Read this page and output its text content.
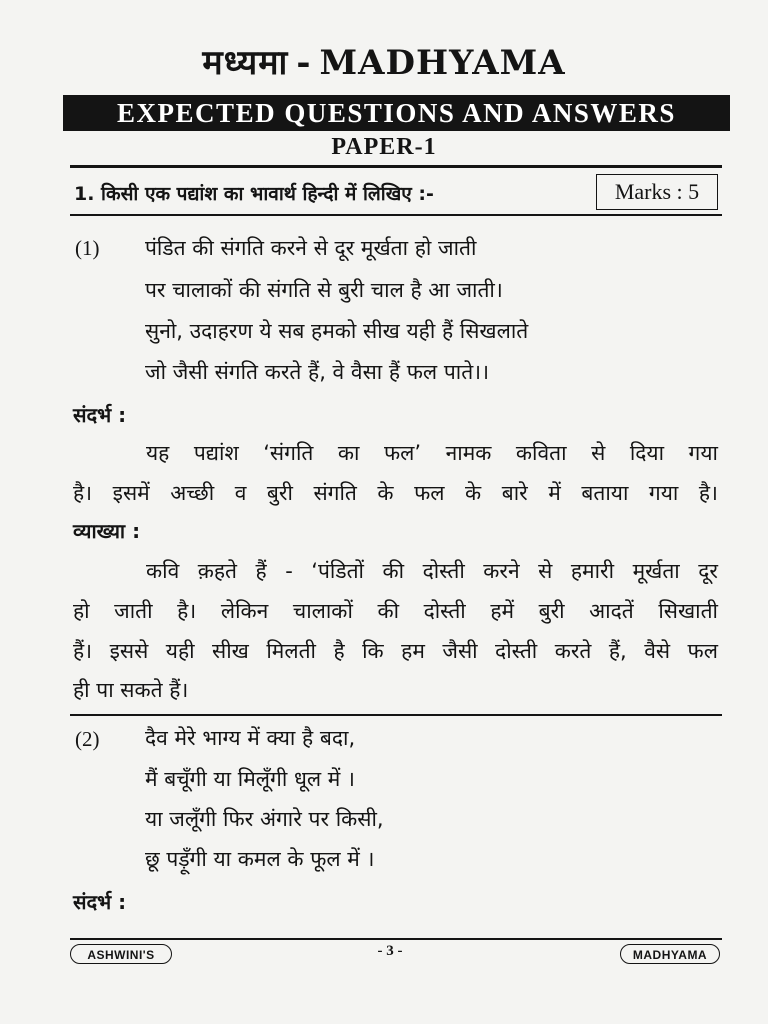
मध्यमा - MADHYAMA
EXPECTED QUESTIONS AND ANSWERS
PAPER-1
1. किसी एक पद्यांश का भावार्थ हिन्दी में लिखिए :-	Marks : 5
(1) पंडित की संगति करने से दूर मूर्खता हो जाती
पर चालाकों की संगति से बुरी चाल है आ जाती।
सुनो, उदाहरण ये सब हमको सीख यही हैं सिखलाते
जो जैसी संगति करते हैं, वे वैसा हैं फल पाते।।
संदर्भ :
यह पद्यांश ‘संगति का फल’ नामक कविता से दिया गया
है। इसमें अच्छी व बुरी संगति के फल के बारे में बताया गया है।
व्याख्या :
कवि क़हते हैं - ‘पंडितों की दोस्ती करने से हमारी मूर्खता दूर
हो जाती है। लेकिन चालाकों की दोस्ती हमें बुरी आदतें सिखाती
हैं। इससे यही सीख मिलती है कि हम जैसी दोस्ती करते हैं, वैसे फल
ही पा सकते हैं।
(2) दैव मेरे भाग्य में क्या है बदा,
मैं बचूँगी या मिलूँगी धूल में ।
या जलूँगी फिर अंगारे पर किसी,
छू पड़ूँगी या कमल के फूल में ।
संदर्भ :
ASHWINI'S	- 3 -	MADHYAMA
